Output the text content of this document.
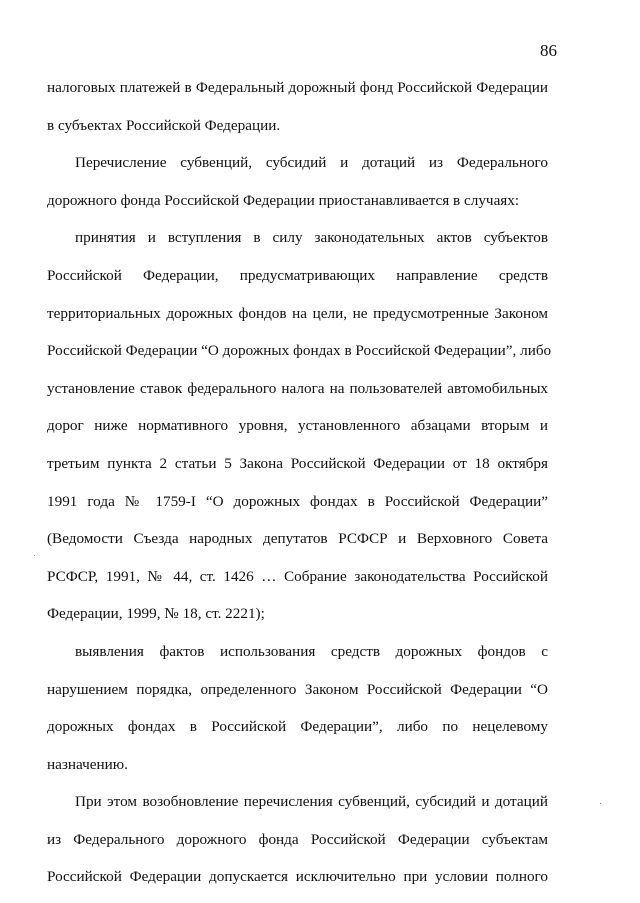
86
налоговых платежей в Федеральный дорожный фонд Российской Федерации
в субъектах Российской Федерации.
Перечисление субвенций, субсидий и дотаций из Федерального
дорожного фонда Российской Федерации приостанавливается в случаях:
принятия и вступления в силу законодательных актов субъектов
Российской Федерации, предусматривающих направление средств
территориальных дорожных фондов на цели, не предусмотренные Законом
Российской Федерации “О дорожных фондах в Российской Федерации”, либо
установление ставок федерального налога на пользователей автомобильных
дорог ниже нормативного уровня, установленного абзацами вторым и
третьим пункта 2 статьи 5 Закона Российской Федерации от 18 октября
1991 года № 1759-I “О дорожных фондах в Российской Федерации”
(Ведомости Съезда народных депутатов РСФСР и Верховного Совета
РСФСР, 1991, № 44, ст. 1426 … Собрание законодательства Российской
Федерации, 1999, № 18, ст. 2221);
выявления фактов использования средств дорожных фондов с
нарушением порядка, определенного Законом Российской Федерации “О
дорожных фондах в Российской Федерации”, либо по нецелевому
назначению.
При этом возобновление перечисления субвенций, субсидий и дотаций
из Федерального дорожного фонда Российской Федерации субъектам
Российской Федерации допускается исключительно при условии полного
